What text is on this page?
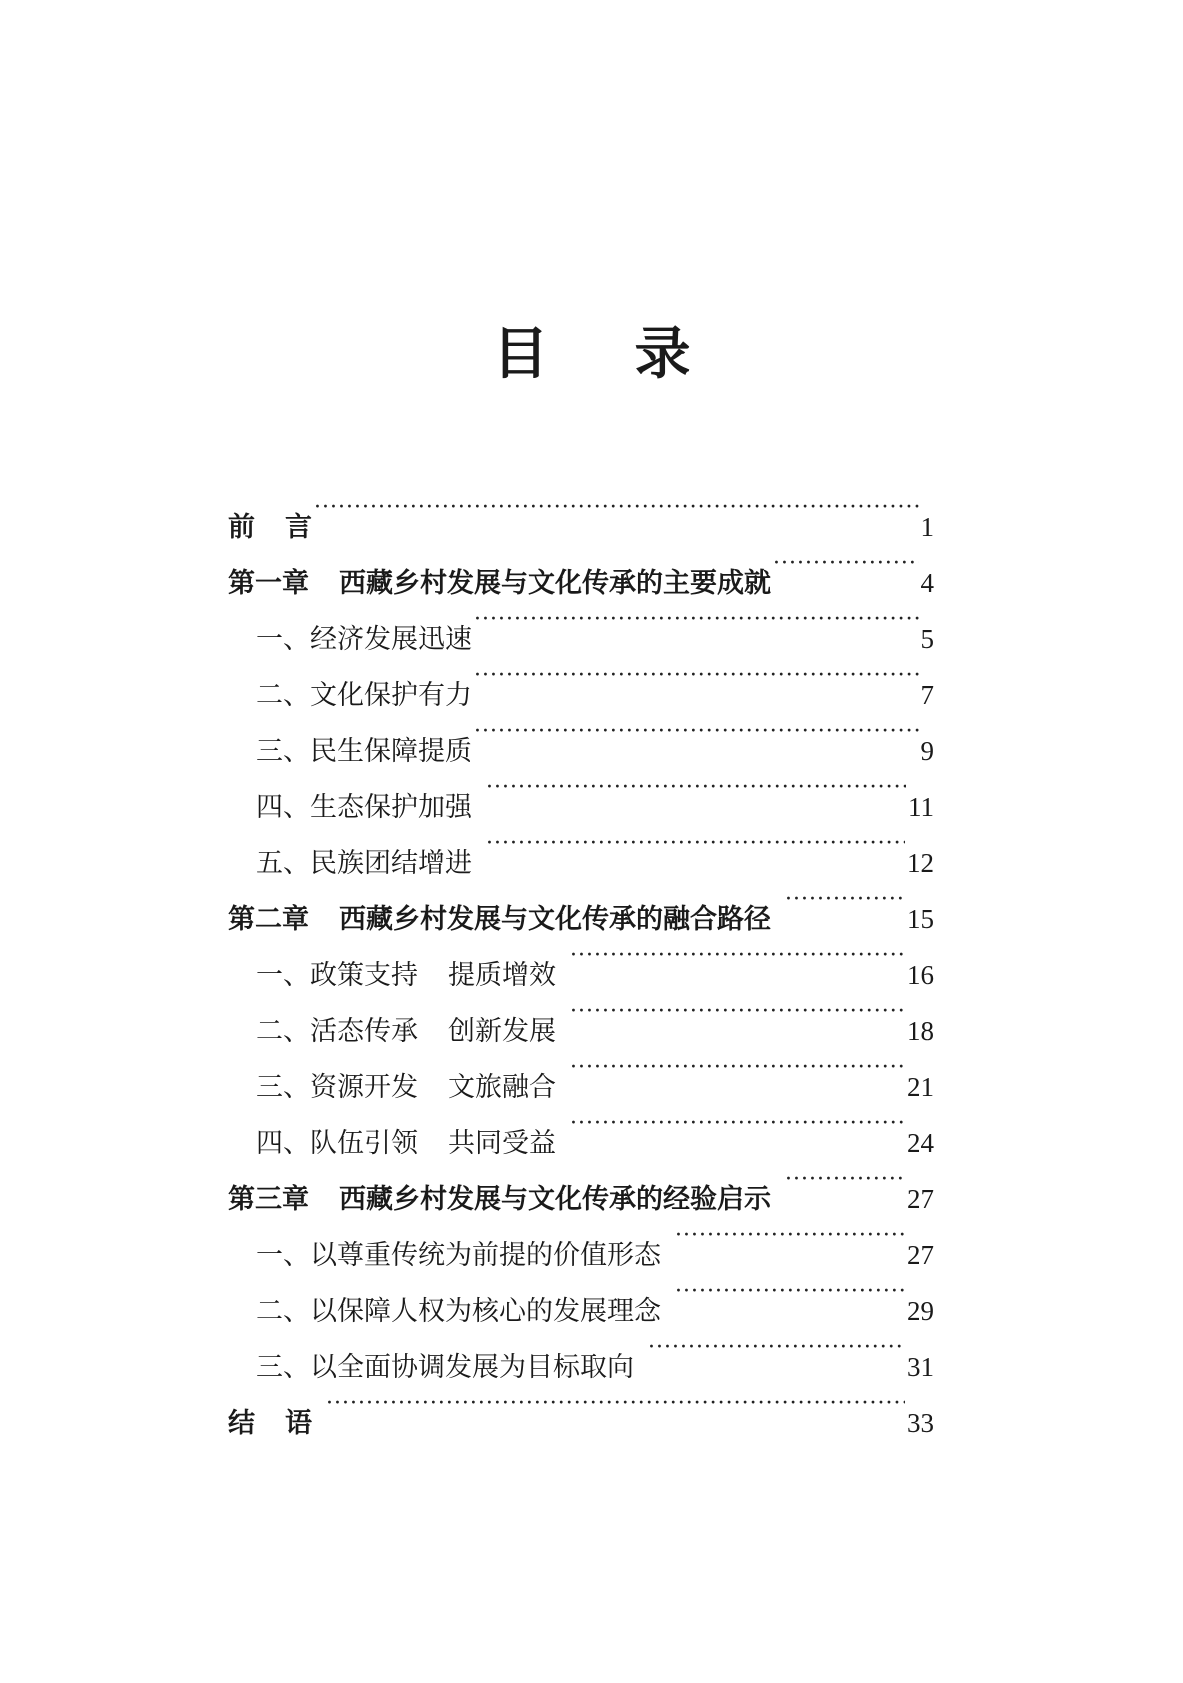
目 录
前 言 ·····	1
第一章 西藏乡村发展与文化传承的主要成就 ·····	4
一、经济发展迅速 ·····	5
二、文化保护有力 ·····	7
三、民生保障提质 ·····	9
四、生态保护加强 ·····	11
五、民族团结增进 ·····	12
第二章 西藏乡村发展与文化传承的融合路径 ·····	15
一、政策支持 提质增效 ·····	16
二、活态传承 创新发展 ·····	18
三、资源开发 文旅融合 ·····	21
四、队伍引领 共同受益 ·····	24
第三章 西藏乡村发展与文化传承的经验启示 ·····	27
一、以尊重传统为前提的价值形态 ·····	27
二、以保障人权为核心的发展理念 ·····	29
三、以全面协调发展为目标取向 ·····	31
结 语 ·····	33
